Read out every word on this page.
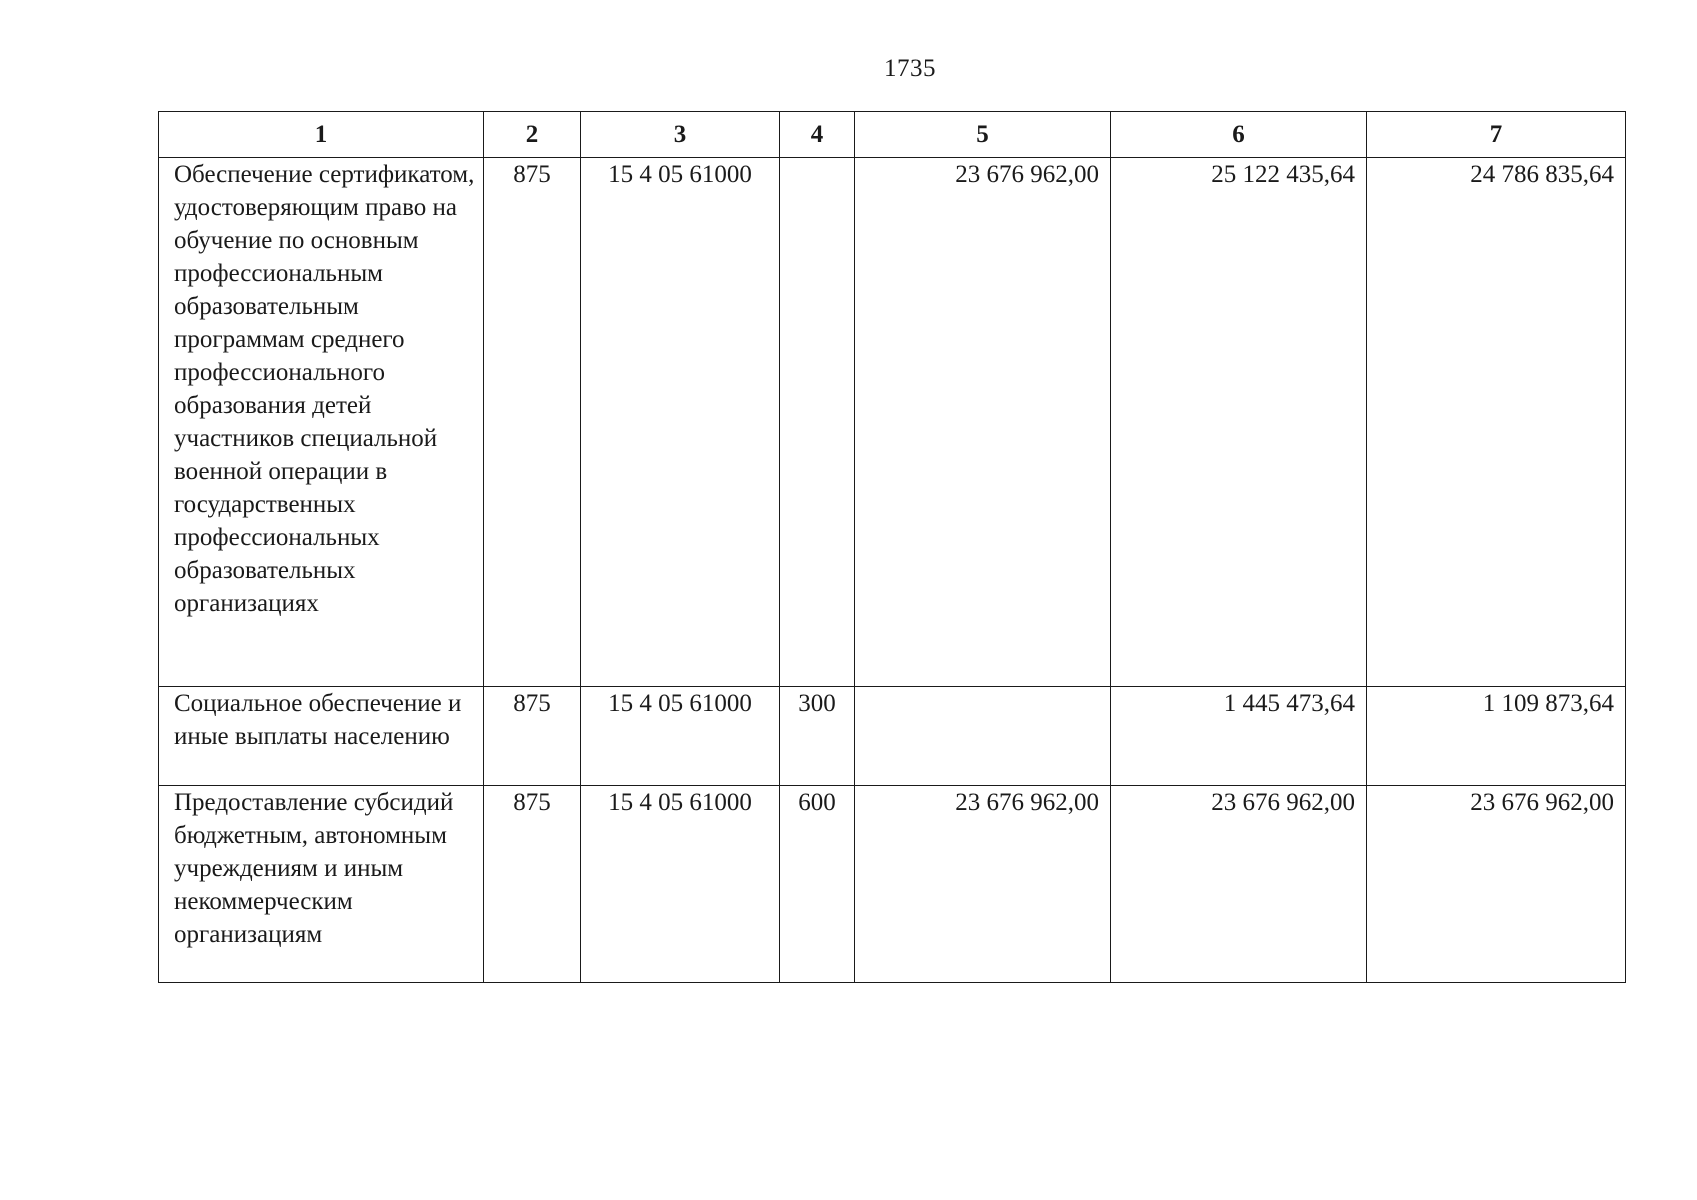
1735
1	2	3	4	5	6	7

Обеспечение сертификатом, удостоверяющим право на обучение по основным профессиональным образовательным программам среднего профессионального образования детей участников специальной военной операции в государственных профессиональных образовательных организациях	875	15 4 05 61000		23 676 962,00	25 122 435,64	24 786 835,64

Социальное обеспечение и иные выплаты населению	875	15 4 05 61000	300		1 445 473,64	1 109 873,64

Предоставление субсидий бюджетным, автономным учреждениям и иным некоммерческим организациям	875	15 4 05 61000	600	23 676 962,00	23 676 962,00	23 676 962,00
